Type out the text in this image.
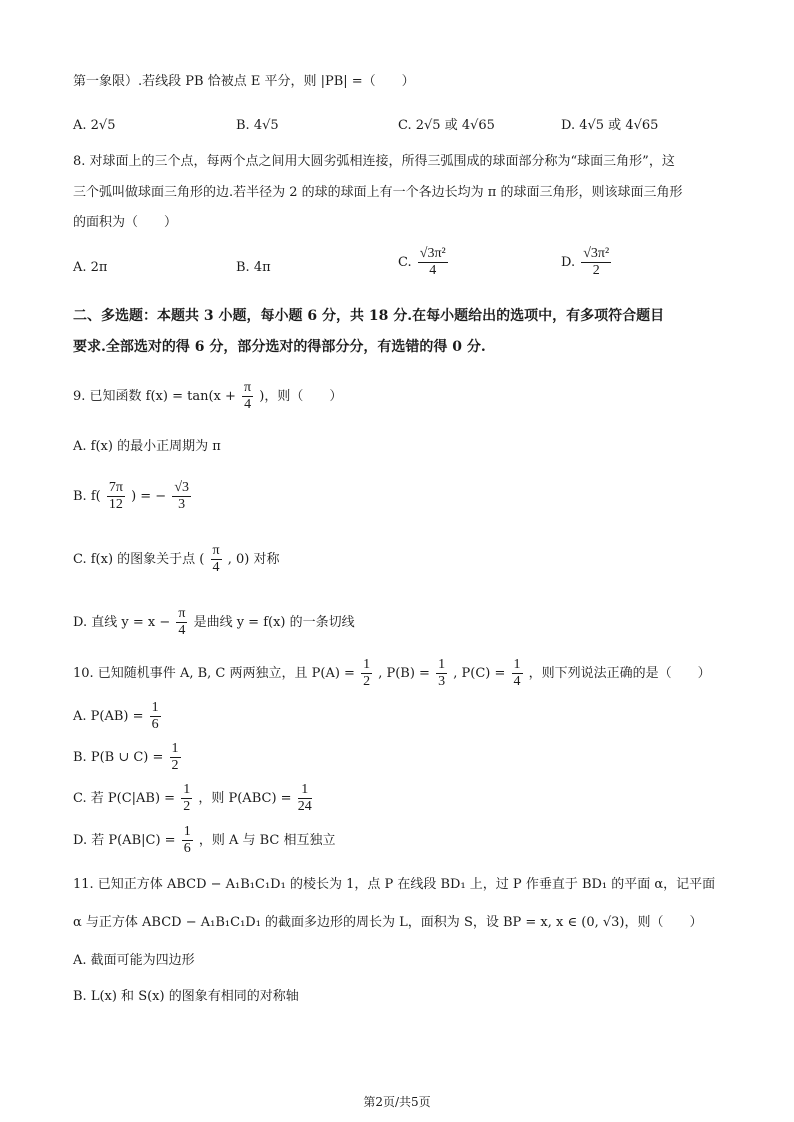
第一象限）.若线段 PB 恰被点 E 平分，则 |PB| =（　　）
A. 2√5	B. 4√5	C. 2√5 或 4√65	D. 4√5 或 4√65
8. 对球面上的三个点，每两个点之间用大圆劣弧相连接，所得三弧围成的球面部分称为“球面三角形”，这
三个弧叫做球面三角形的边.若半径为 2 的球的球面上有一个各边长均为 π 的球面三角形，则该球面三角形
的面积为（　　）
A. 2π	B. 4π	C. $\frac{\text{√3π²}}{4}$	D. $\frac{\text{√3π²}}{2}$
二、多选题：本题共 3 小题，每小题 6 分，共 18 分.在每小题给出的选项中，有多项符合题目
要求.全部选对的得 6 分，部分选对的得部分分，有选错的得 0 分.
9. 已知函数 $f(x) = \tan(x + \frac{\pi}{4}$ )，则（　　）
A. f(x) 的最小正周期为 π
B. $f( \frac{7\pi}{12}$ ) = − $\frac{√3}{3}$
C. f(x) 的图象关于点 ( $\frac{\pi}{4}$ , 0) 对称
D. 直线 $y = x - \frac{\pi}{4}$ 是曲线 y = f(x) 的一条切线
10. 已知随机事件 A, B, C 两两独立，且 $P(A) = \frac{1}{2}$ , $P(B) = \frac{1}{3}$ , $P(C) = \frac{1}{4}$ ，则下列说法正确的是（　　）
A. $P(AB) = \frac{1}{6}$
B. P(B ∪ $C) = \frac{1}{2}$
C. 若 $P(C|AB) = \frac{1}{2}$ ，则 $P(ABC) = \frac{1}{24}$
D. 若 $P(AB|C) = \frac{1}{6}$ ，则 A 与 BC 相互独立
11. 已知正方体 ABCD − A₁B₁C₁D₁ 的棱长为 1，点 P 在线段 BD₁ 上，过 P 作垂直于 BD₁ 的平面 α，记平面
α 与正方体 ABCD − A₁B₁C₁D₁ 的截面多边形的周长为 L，面积为 S，设 BP = x, x ∈ (0, √3)，则（　　）
A. 截面可能为四边形
B. L(x) 和 S(x) 的图象有相同的对称轴
第2页/共5页
